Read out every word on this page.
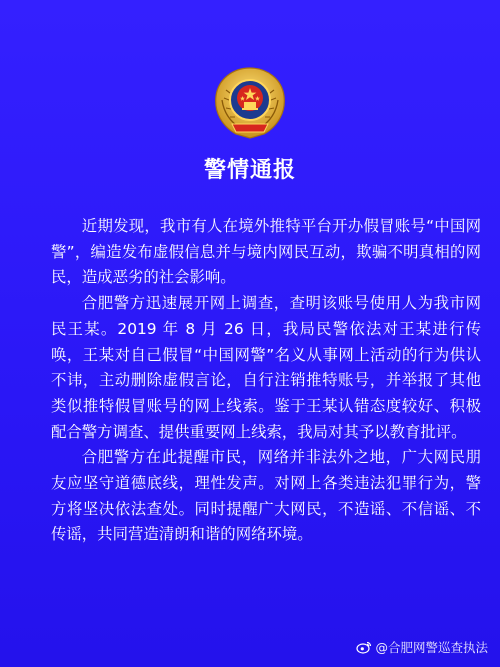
警情通报

近期发现，我市有人在境外推特平台开办假冒账号“中国网警”，编造发布虚假信息并与境内网民互动，欺骗不明真相的网民，造成恶劣的社会影响。

合肥警方迅速展开网上调查，查明该账号使用人为我市网民王某。2019 年 8 月 26 日，我局民警依法对王某进行传唤，王某对自己假冒“中国网警”名义从事网上活动的行为供认不讳，主动删除虚假言论，自行注销推特账号，并举报了其他类似推特假冒账号的网上线索。鉴于王某认错态度较好、积极配合警方调查、提供重要网上线索，我局对其予以教育批评。

合肥警方在此提醒市民，网络并非法外之地，广大网民朋友应坚守道德底线，理性发声。对网上各类违法犯罪行为，警方将坚决依法查处。同时提醒广大网民，不造谣、不信谣、不传谣，共同营造清朗和谐的网络环境。

@合肥网警巡查执法
